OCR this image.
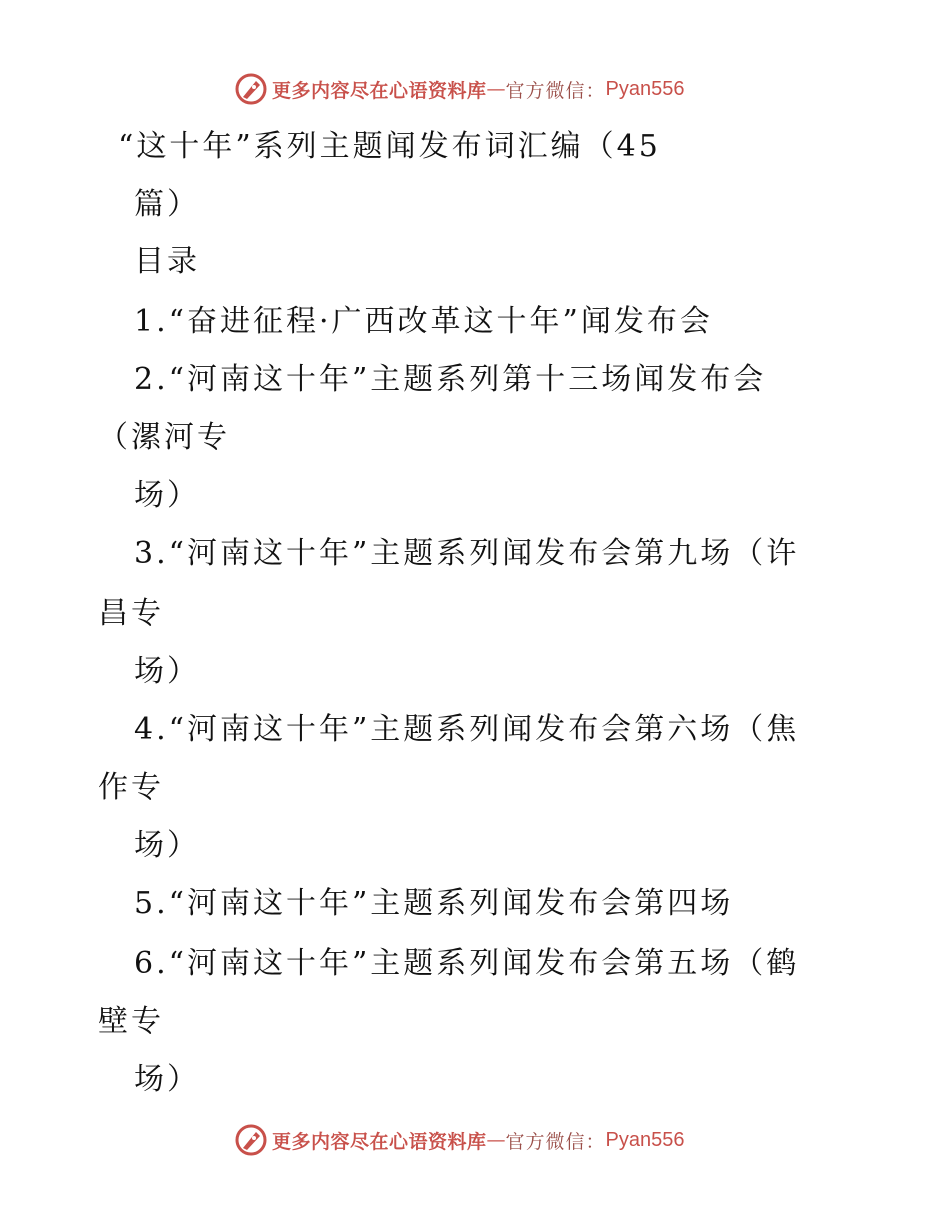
更多内容尽在心语资料库 — 官方微信： Pyan556
“这十年”系列主题闻发布词汇编（45
篇）
目录
1.“奋进征程·广西改革这十年”闻发布会
2.“河南这十年”主题系列第十三场闻发布会
（漯河专
场）
3.“河南这十年”主题系列闻发布会第九场（许
昌专
场）
4.“河南这十年”主题系列闻发布会第六场（焦
作专
场）
5.“河南这十年”主题系列闻发布会第四场
6.“河南这十年”主题系列闻发布会第五场（鹤
壁专
场）
更多内容尽在心语资料库 — 官方微信： Pyan556
